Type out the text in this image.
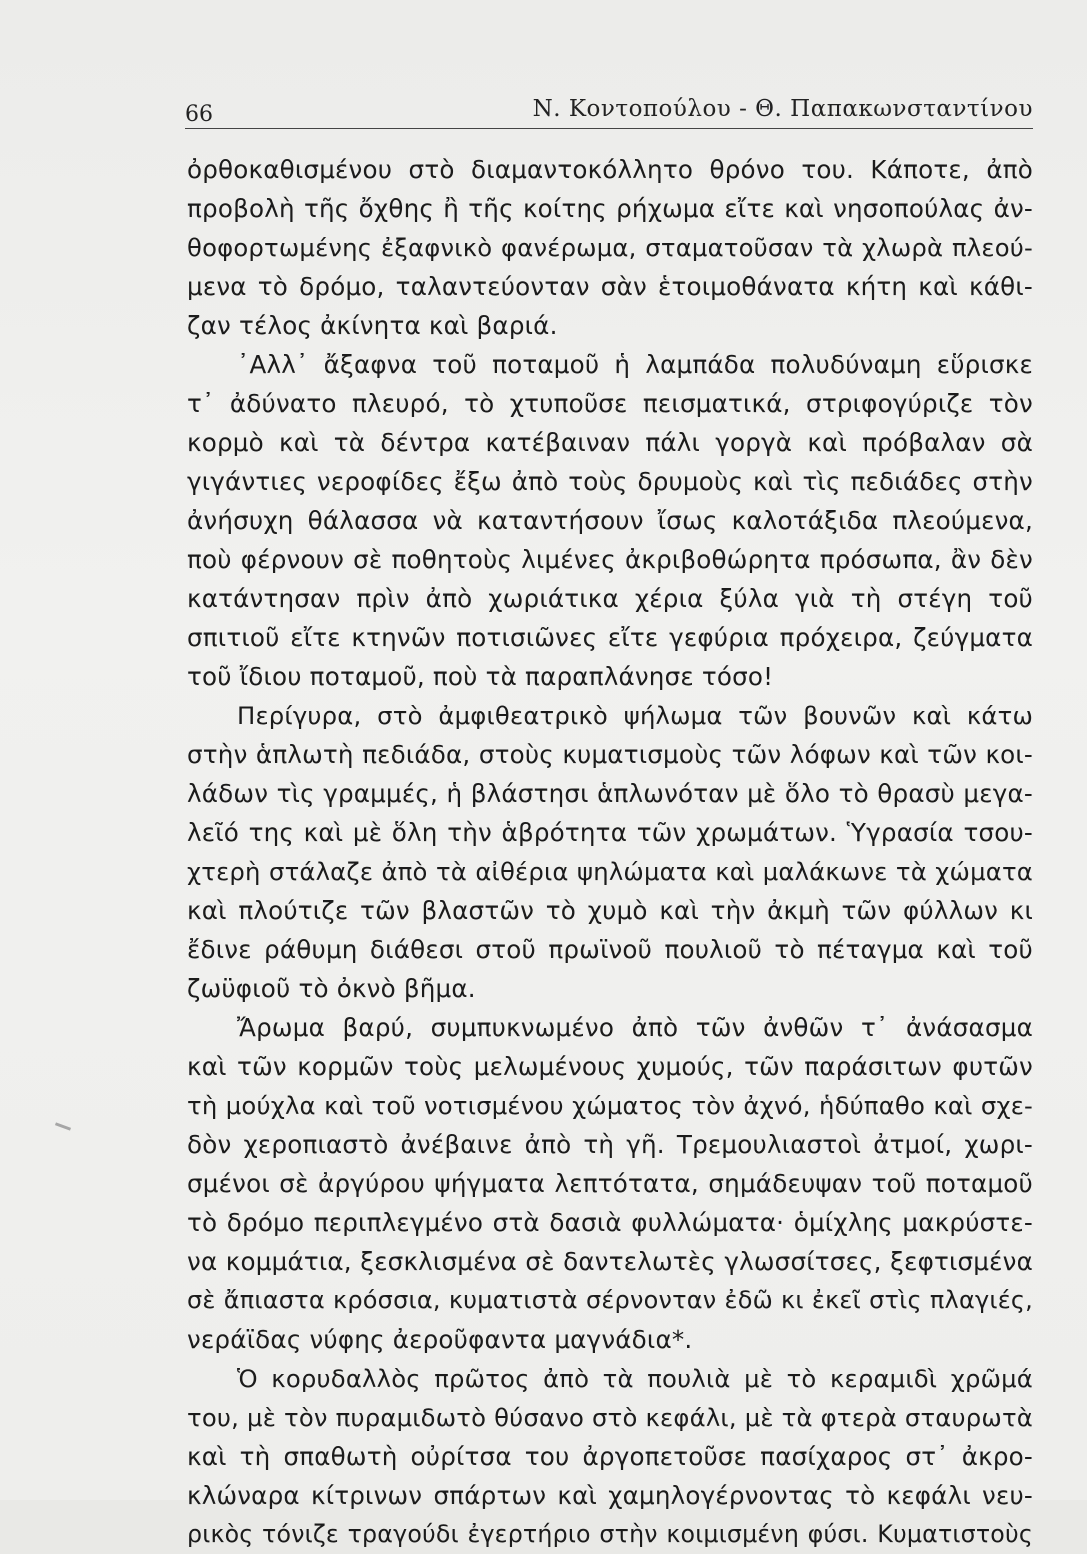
66	Ν. Κοντοπούλου - Θ. Παπακωνσταντίνου
ὀρθοκαθισμένου στὸ διαμαντοκόλλητο θρόνο του. Κάποτε, ἀπὸ
προβολὴ τῆς ὄχθης ἢ τῆς κοίτης ρήχωμα εἴτε καὶ νησοπούλας ἀν-
θοφορτωμένης ἐξαφνικὸ φανέρωμα, σταματοῦσαν τὰ χλωρὰ πλεού-
μενα τὸ δρόμο, ταλαντεύονταν σὰν ἑτοιμοθάνατα κήτη καὶ κάθι-
ζαν τέλος ἀκίνητα καὶ βαριά.
᾿Αλλ᾿ ἄξαφνα τοῦ ποταμοῦ ἡ λαμπάδα πολυδύναμη εὕρισκε
τ᾿ ἀδύνατο πλευρό, τὸ χτυποῦσε πεισματικά, στριφογύριζε τὸν
κορμὸ καὶ τὰ δέντρα κατέβαιναν πάλι γοργὰ καὶ πρόβαλαν σὰ
γιγάντιες νεροφίδες ἔξω ἀπὸ τοὺς δρυμοὺς καὶ τὶς πεδιάδες στὴν
ἀνήσυχη θάλασσα νὰ καταντήσουν ἴσως καλοτάξιδα πλεούμενα,
ποὺ φέρνουν σὲ ποθητοὺς λιμένες ἀκριβοθώρητα πρόσωπα, ἂν δὲν
κατάντησαν πρὶν ἀπὸ χωριάτικα χέρια ξύλα γιὰ τὴ στέγη τοῦ
σπιτιοῦ εἴτε κτηνῶν ποτισιῶνες εἴτε γεφύρια πρόχειρα, ζεύγματα
τοῦ ἴδιου ποταμοῦ, ποὺ τὰ παραπλάνησε τόσο!
Περίγυρα, στὸ ἀμφιθεατρικὸ ψήλωμα τῶν βουνῶν καὶ κάτω
στὴν ἁπλωτὴ πεδιάδα, στοὺς κυματισμοὺς τῶν λόφων καὶ τῶν κοι-
λάδων τὶς γραμμές, ἡ βλάστησι ἁπλωνόταν μὲ ὅλο τὸ θρασὺ μεγα-
λεῖό της καὶ μὲ ὅλη τὴν ἁβρότητα τῶν χρωμάτων. Ὑγρασία τσου-
χτερὴ στάλαζε ἀπὸ τὰ αἰθέρια ψηλώματα καὶ μαλάκωνε τὰ χώματα
καὶ πλούτιζε τῶν βλαστῶν τὸ χυμὸ καὶ τὴν ἀκμὴ τῶν φύλλων κι
ἔδινε ράθυμη διάθεσι στοῦ πρωϊνοῦ πουλιοῦ τὸ πέταγμα καὶ τοῦ
ζωϋφιοῦ τὸ ὀκνὸ βῆμα.
Ἄρωμα βαρύ, συμπυκνωμένο ἀπὸ τῶν ἀνθῶν τ᾿ ἀνάσασμα
καὶ τῶν κορμῶν τοὺς μελωμένους χυμούς, τῶν παράσιτων φυτῶν
τὴ μούχλα καὶ τοῦ νοτισμένου χώματος τὸν ἀχνό, ἡδύπαθο καὶ σχε-
δὸν χεροπιαστὸ ἀνέβαινε ἀπὸ τὴ γῆ. Τρεμουλιαστοὶ ἀτμοί, χωρι-
σμένοι σὲ ἀργύρου ψήγματα λεπτότατα, σημάδευψαν τοῦ ποταμοῦ
τὸ δρόμο περιπλεγμένο στὰ δασιὰ φυλλώματα· ὁμίχλης μακρύστε-
να κομμάτια, ξεσκλισμένα σὲ δαντελωτὲς γλωσσίτσες, ξεφτισμένα
σὲ ἄπιαστα κρόσσια, κυματιστὰ σέρνονταν ἐδῶ κι ἐκεῖ στὶς πλαγιές,
νεράϊδας νύφης ἀεροῦφαντα μαγνάδια*.
Ὁ κορυδαλλὸς πρῶτος ἀπὸ τὰ πουλιὰ μὲ τὸ κεραμιδὶ χρῶμά
του, μὲ τὸν πυραμιδωτὸ θύσανο στὸ κεφάλι, μὲ τὰ φτερὰ σταυρωτὰ
καὶ τὴ σπαθωτὴ οὐρίτσα του ἀργοπετοῦσε πασίχαρος στ᾿ ἀκρο-
κλώναρα κίτρινων σπάρτων καὶ χαμηλογέρνοντας τὸ κεφάλι νευ-
ρικὸς τόνιζε τραγούδι ἐγερτήριο στὴν κοιμισμένη φύσι. Κυματιστοὺς
